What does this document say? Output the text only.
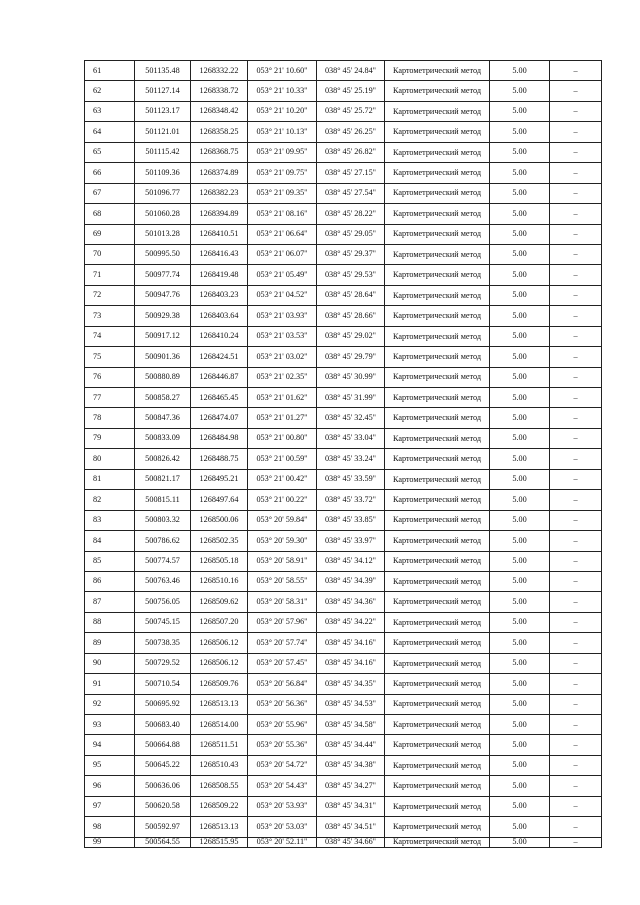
61	501135.48	1268332.22	053° 21' 10.60"	038° 45' 24.84"	Картометрический метод	5.00	–
62	501127.14	1268338.72	053° 21' 10.33"	038° 45' 25.19"	Картометрический метод	5.00	–
63	501123.17	1268348.42	053° 21' 10.20"	038° 45' 25.72"	Картометрический метод	5.00	–
64	501121.01	1268358.25	053° 21' 10.13"	038° 45' 26.25"	Картометрический метод	5.00	–
65	501115.42	1268368.75	053° 21' 09.95"	038° 45' 26.82"	Картометрический метод	5.00	–
66	501109.36	1268374.89	053° 21' 09.75"	038° 45' 27.15"	Картометрический метод	5.00	–
67	501096.77	1268382.23	053° 21' 09.35"	038° 45' 27.54"	Картометрический метод	5.00	–
68	501060.28	1268394.89	053° 21' 08.16"	038° 45' 28.22"	Картометрический метод	5.00	–
69	501013.28	1268410.51	053° 21' 06.64"	038° 45' 29.05"	Картометрический метод	5.00	–
70	500995.50	1268416.43	053° 21' 06.07"	038° 45' 29.37"	Картометрический метод	5.00	–
71	500977.74	1268419.48	053° 21' 05.49"	038° 45' 29.53"	Картометрический метод	5.00	–
72	500947.76	1268403.23	053° 21' 04.52"	038° 45' 28.64"	Картометрический метод	5.00	–
73	500929.38	1268403.64	053° 21' 03.93"	038° 45' 28.66"	Картометрический метод	5.00	–
74	500917.12	1268410.24	053° 21' 03.53"	038° 45' 29.02"	Картометрический метод	5.00	–
75	500901.36	1268424.51	053° 21' 03.02"	038° 45' 29.79"	Картометрический метод	5.00	–
76	500880.89	1268446.87	053° 21' 02.35"	038° 45' 30.99"	Картометрический метод	5.00	–
77	500858.27	1268465.45	053° 21' 01.62"	038° 45' 31.99"	Картометрический метод	5.00	–
78	500847.36	1268474.07	053° 21' 01.27"	038° 45' 32.45"	Картометрический метод	5.00	–
79	500833.09	1268484.98	053° 21' 00.80"	038° 45' 33.04"	Картометрический метод	5.00	–
80	500826.42	1268488.75	053° 21' 00.59"	038° 45' 33.24"	Картометрический метод	5.00	–
81	500821.17	1268495.21	053° 21' 00.42"	038° 45' 33.59"	Картометрический метод	5.00	–
82	500815.11	1268497.64	053° 21' 00.22"	038° 45' 33.72"	Картометрический метод	5.00	–
83	500803.32	1268500.06	053° 20' 59.84"	038° 45' 33.85"	Картометрический метод	5.00	–
84	500786.62	1268502.35	053° 20' 59.30"	038° 45' 33.97"	Картометрический метод	5.00	–
85	500774.57	1268505.18	053° 20' 58.91"	038° 45' 34.12"	Картометрический метод	5.00	–
86	500763.46	1268510.16	053° 20' 58.55"	038° 45' 34.39"	Картометрический метод	5.00	–
87	500756.05	1268509.62	053° 20' 58.31"	038° 45' 34.36"	Картометрический метод	5.00	–
88	500745.15	1268507.20	053° 20' 57.96"	038° 45' 34.22"	Картометрический метод	5.00	–
89	500738.35	1268506.12	053° 20' 57.74"	038° 45' 34.16"	Картометрический метод	5.00	–
90	500729.52	1268506.12	053° 20' 57.45"	038° 45' 34.16"	Картометрический метод	5.00	–
91	500710.54	1268509.76	053° 20' 56.84"	038° 45' 34.35"	Картометрический метод	5.00	–
92	500695.92	1268513.13	053° 20' 56.36"	038° 45' 34.53"	Картометрический метод	5.00	–
93	500683.40	1268514.00	053° 20' 55.96"	038° 45' 34.58"	Картометрический метод	5.00	–
94	500664.88	1268511.51	053° 20' 55.36"	038° 45' 34.44"	Картометрический метод	5.00	–
95	500645.22	1268510.43	053° 20' 54.72"	038° 45' 34.38"	Картометрический метод	5.00	–
96	500636.06	1268508.55	053° 20' 54.43"	038° 45' 34.27"	Картометрический метод	5.00	–
97	500620.58	1268509.22	053° 20' 53.93"	038° 45' 34.31"	Картометрический метод	5.00	–
98	500592.97	1268513.13	053° 20' 53.03"	038° 45' 34.51"	Картометрический метод	5.00	–
99	500564.55	1268515.95	053° 20' 52.11"	038° 45' 34.66"	Картометрический метод	5.00	–
